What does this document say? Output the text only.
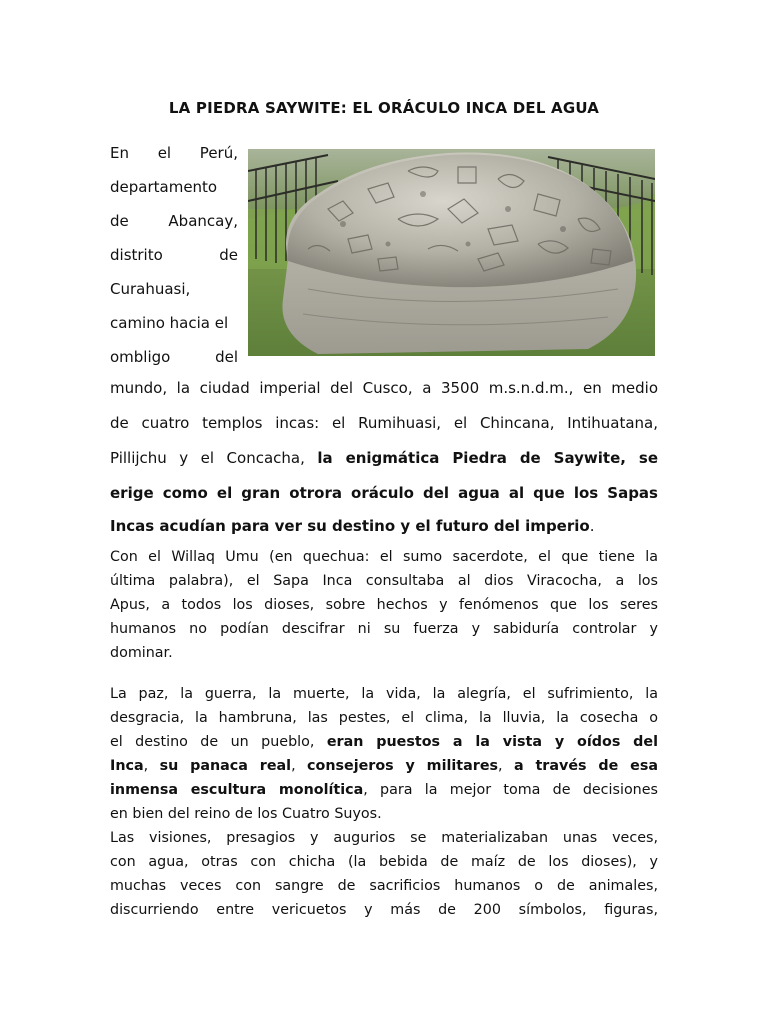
LA PIEDRA SAYWITE: EL ORÁCULO INCA DEL AGUA
En el Perú,
departamento
de Abancay,
distrito de
Curahuasi,
camino hacia el
ombligo del
mundo, la ciudad imperial del Cusco, a 3500 m.s.n.d.m., en medio
de cuatro templos incas: el Rumihuasi, el Chincana, Intihuatana,
Pillijchu y el Concacha, la enigmática Piedra de Saywite, se
erige como el gran otrora oráculo del agua al que los Sapas
Incas acudían para ver su destino y el futuro del imperio.
Con el Willaq Umu (en quechua: el sumo sacerdote, el que tiene la
última palabra), el Sapa Inca consultaba al dios Viracocha, a los
Apus, a todos los dioses, sobre hechos y fenómenos que los seres
humanos no podían descifrar ni su fuerza y sabiduría controlar y
dominar.
La paz, la guerra, la muerte, la vida, la alegría, el sufrimiento, la
desgracia, la hambruna, las pestes, el clima, la lluvia, la cosecha o
el destino de un pueblo, eran puestos a la vista y oídos del
Inca, su panaca real, consejeros y militares, a través de esa
inmensa escultura monolítica, para la mejor toma de decisiones
en bien del reino de los Cuatro Suyos.
Las visiones, presagios y augurios se materializaban unas veces,
con agua, otras con chicha (la bebida de maíz de los dioses), y
muchas veces con sangre de sacrificios humanos o de animales,
discurriendo entre vericuetos y más de 200 símbolos, figuras,
